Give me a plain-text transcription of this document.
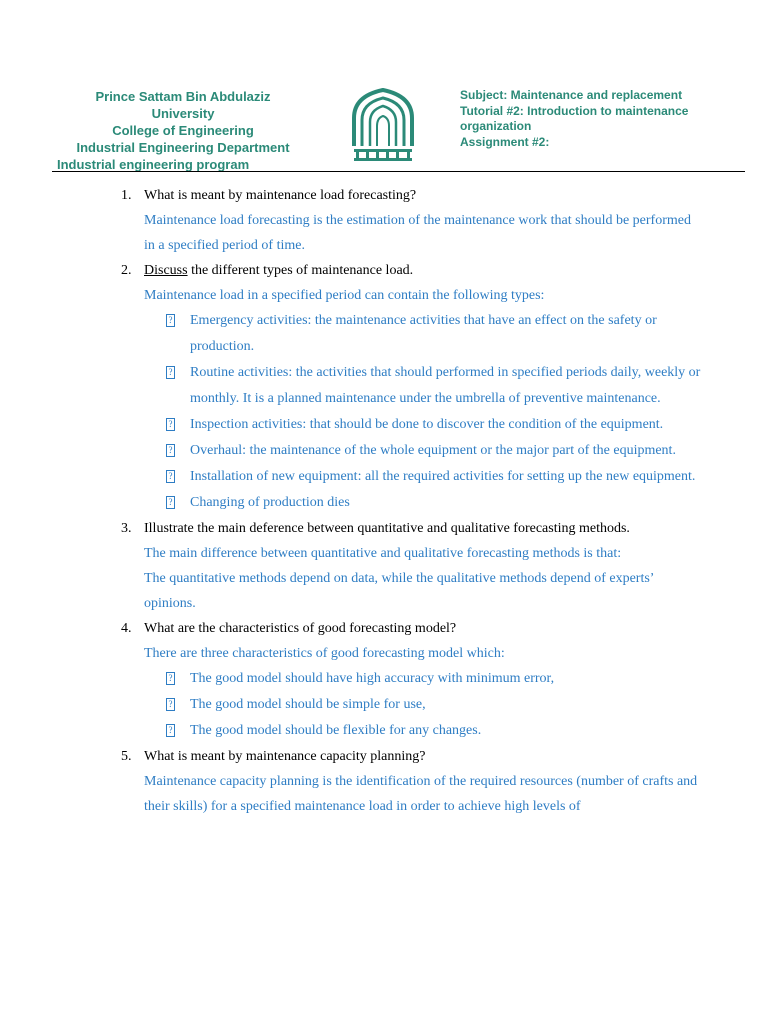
Prince Sattam Bin Abdulaziz
University
College of Engineering
Industrial Engineering Department
Industrial engineering program
Subject: Maintenance and replacement
Tutorial #2: Introduction to maintenance
organization
Assignment #2:
1. What is meant by maintenance load forecasting?
Maintenance load forecasting is the estimation of the maintenance work that should be performed in a specified period of time.
2. Discuss the different types of maintenance load.
Maintenance load in a specified period can contain the following types:
? Emergency activities: the maintenance activities that have an effect on the safety or production.
? Routine activities: the activities that should performed in specified periods daily, weekly or monthly. It is a planned maintenance under the umbrella of preventive maintenance.
? Inspection activities: that should be done to discover the condition of the equipment.
? Overhaul: the maintenance of the whole equipment or the major part of the equipment.
? Installation of new equipment: all the required activities for setting up the new equipment.
? Changing of production dies
3. Illustrate the main deference between quantitative and qualitative forecasting methods.
The main difference between quantitative and qualitative forecasting methods is that:
The quantitative methods depend on data, while the qualitative methods depend of experts’ opinions.
4. What are the characteristics of good forecasting model?
There are three characteristics of good forecasting model which:
? The good model should have high accuracy with minimum error,
? The good model should be simple for use,
? The good model should be flexible for any changes.
5. What is meant by maintenance capacity planning?
Maintenance capacity planning is the identification of the required resources (number of crafts and their skills) for a specified maintenance load in order to achieve high levels of
